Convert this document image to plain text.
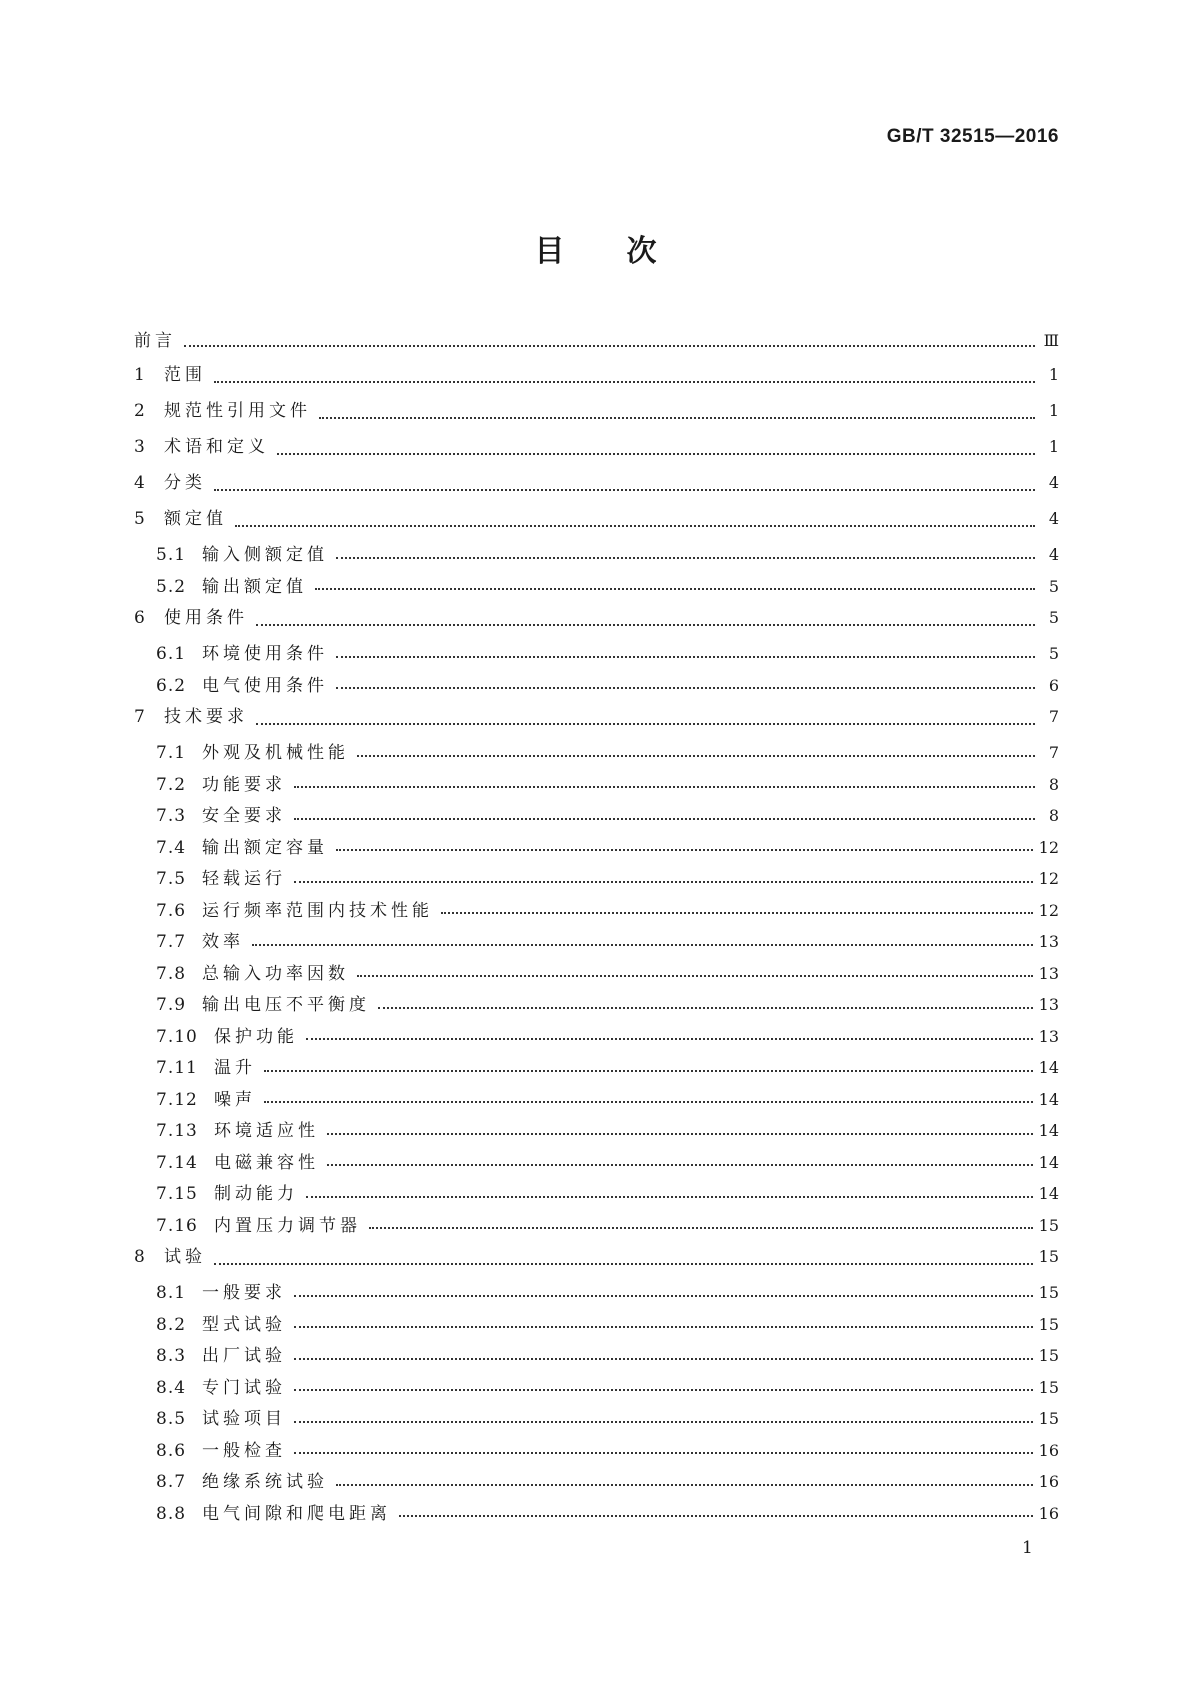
GB/T 32515—2016
目次
前言	Ⅲ
1	范围	1
2	规范性引用文件	1
3	术语和定义	1
4	分类	4
5	额定值	4
5.1 输入侧额定值	4
5.2 输出额定值	5
6	使用条件	5
6.1 环境使用条件	5
6.2 电气使用条件	6
7	技术要求	7
7.1 外观及机械性能	7
7.2 功能要求	8
7.3 安全要求	8
7.4 输出额定容量	12
7.5 轻载运行	12
7.6 运行频率范围内技术性能	12
7.7 效率	13
7.8 总输入功率因数	13
7.9 输出电压不平衡度	13
7.10 保护功能	13
7.11 温升	14
7.12 噪声	14
7.13 环境适应性	14
7.14 电磁兼容性	14
7.15 制动能力	14
7.16 内置压力调节器	15
8	试验	15
8.1 一般要求	15
8.2 型式试验	15
8.3 出厂试验	15
8.4 专门试验	15
8.5 试验项目	15
8.6 一般检查	16
8.7 绝缘系统试验	16
8.8 电气间隙和爬电距离	16
1
